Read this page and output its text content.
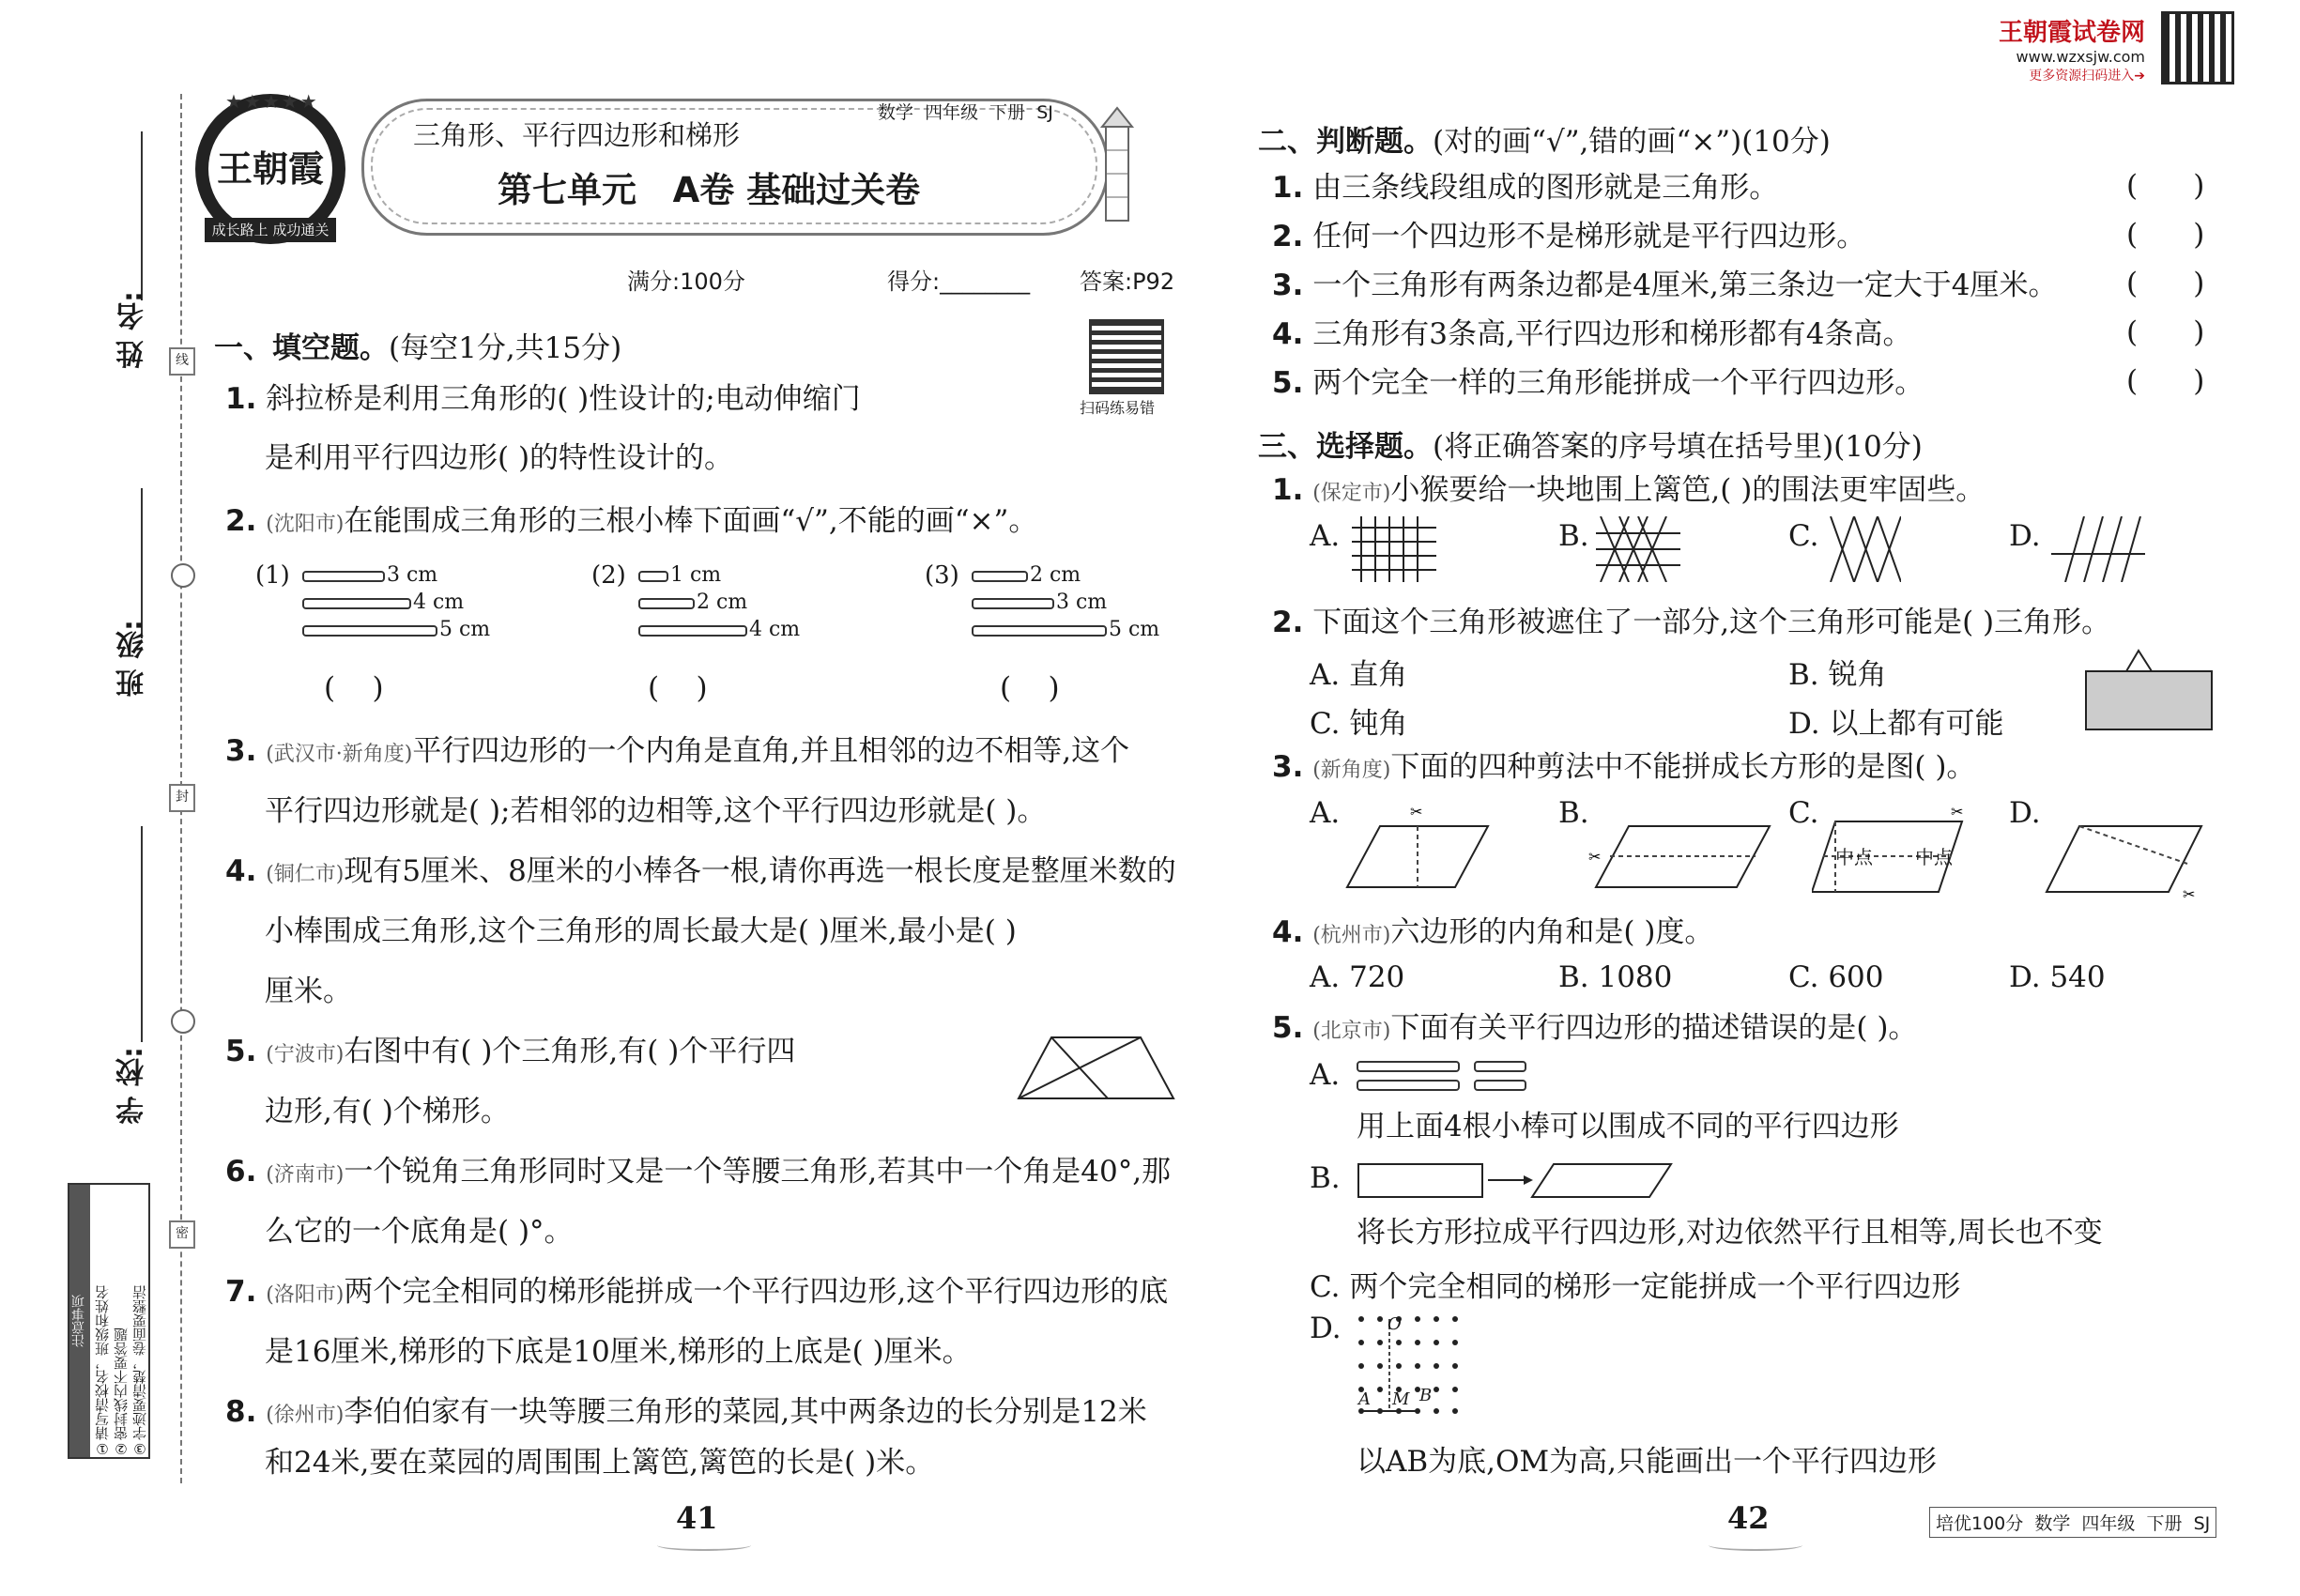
王朝霞试卷网
www.wzxsjw.com
更多资源扫码进入➔
姓 名:
班 级:
学 校:
线
封
密
注意事项 ①请写清校名，班级和姓名 ②密封线内不要答题 ③字迹要清楚，卷面要整洁
王朝霞
成长路上 成功通关
★★★★★
三角形、平行四边形和梯形
数学  四年级  下册  SJ
第七单元   A卷 基础过关卷
满分:100分	得分:________ 答案:P92
扫码练易错
一、填空题。(每空1分,共15分)
1. 斜拉桥是利用三角形的( )性设计的;电动伸缩门
是利用平行四边形( )的特性设计的。
2. (沈阳市)在能围成三角形的三根小棒下面画“√”,不能的画“×”。
(1)	3 cm
4 cm
5 cm
(    )
(2) 1 cm
2 cm
4 cm
(    )
(3)	2 cm
3 cm
5 cm
(    )
3. (武汉市·新角度)平行四边形的一个内角是直角,并且相邻的边不相等,这个
平行四边形就是( );若相邻的边相等,这个平行四边形就是( )。
4. (铜仁市)现有5厘米、8厘米的小棒各一根,请你再选一根长度是整厘米数的
小棒围成三角形,这个三角形的周长最大是( )厘米,最小是( )
厘米。
5. (宁波市)右图中有( )个三角形,有( )个平行四
边形,有( )个梯形。
6. (济南市)一个锐角三角形同时又是一个等腰三角形,若其中一个角是40°,那
么它的一个底角是( )°。
7. (洛阳市)两个完全相同的梯形能拼成一个平行四边形,这个平行四边形的底
是16厘米,梯形的下底是10厘米,梯形的上底是( )厘米。
8. (徐州市)李伯伯家有一块等腰三角形的菜园,其中两条边的长分别是12米
和24米,要在菜园的周围围上篱笆,篱笆的长是( )米。
41
二、判断题。(对的画“√”,错的画“×”)(10分)
1. 由三条线段组成的图形就是三角形。	(      )
2. 任何一个四边形不是梯形就是平行四边形。	(      )
3. 一个三角形有两条边都是4厘米,第三条边一定大于4厘米。 (      )
4. 三角形有3条高,平行四边形和梯形都有4条高。	(      )
5. 两个完全一样的三角形能拼成一个平行四边形。	(      )
三、选择题。(将正确答案的序号填在括号里)(10分)
1. (保定市)小猴要给一块地围上篱笆,( )的围法更牢固些。
A.	B.	C.	D.
2. 下面这个三角形被遮住了一部分,这个三角形可能是( )三角形。
A. 直角	B. 锐角
C. 钝角	D. 以上都有可能
3. (新角度)下面的四种剪法中不能拼成长方形的是图( )。
A.	✂	B.
✂
C.	✂
中点 中点
D.
✂
4. (杭州市)六边形的内角和是( )度。
A. 720	B. 1080	C. 600	D. 540
5. (北京市)下面有关平行四边形的描述错误的是( )。
A.
用上面4根小棒可以围成不同的平行四边形
B.
将长方形拉成平行四边形,对边依然平行且相等,周长也不变
C. 两个完全相同的梯形一定能拼成一个平行四边形
D.	O
A M B
以AB为底,OM为高,只能画出一个平行四边形
42	培优100分  数学  四年级  下册  SJ
